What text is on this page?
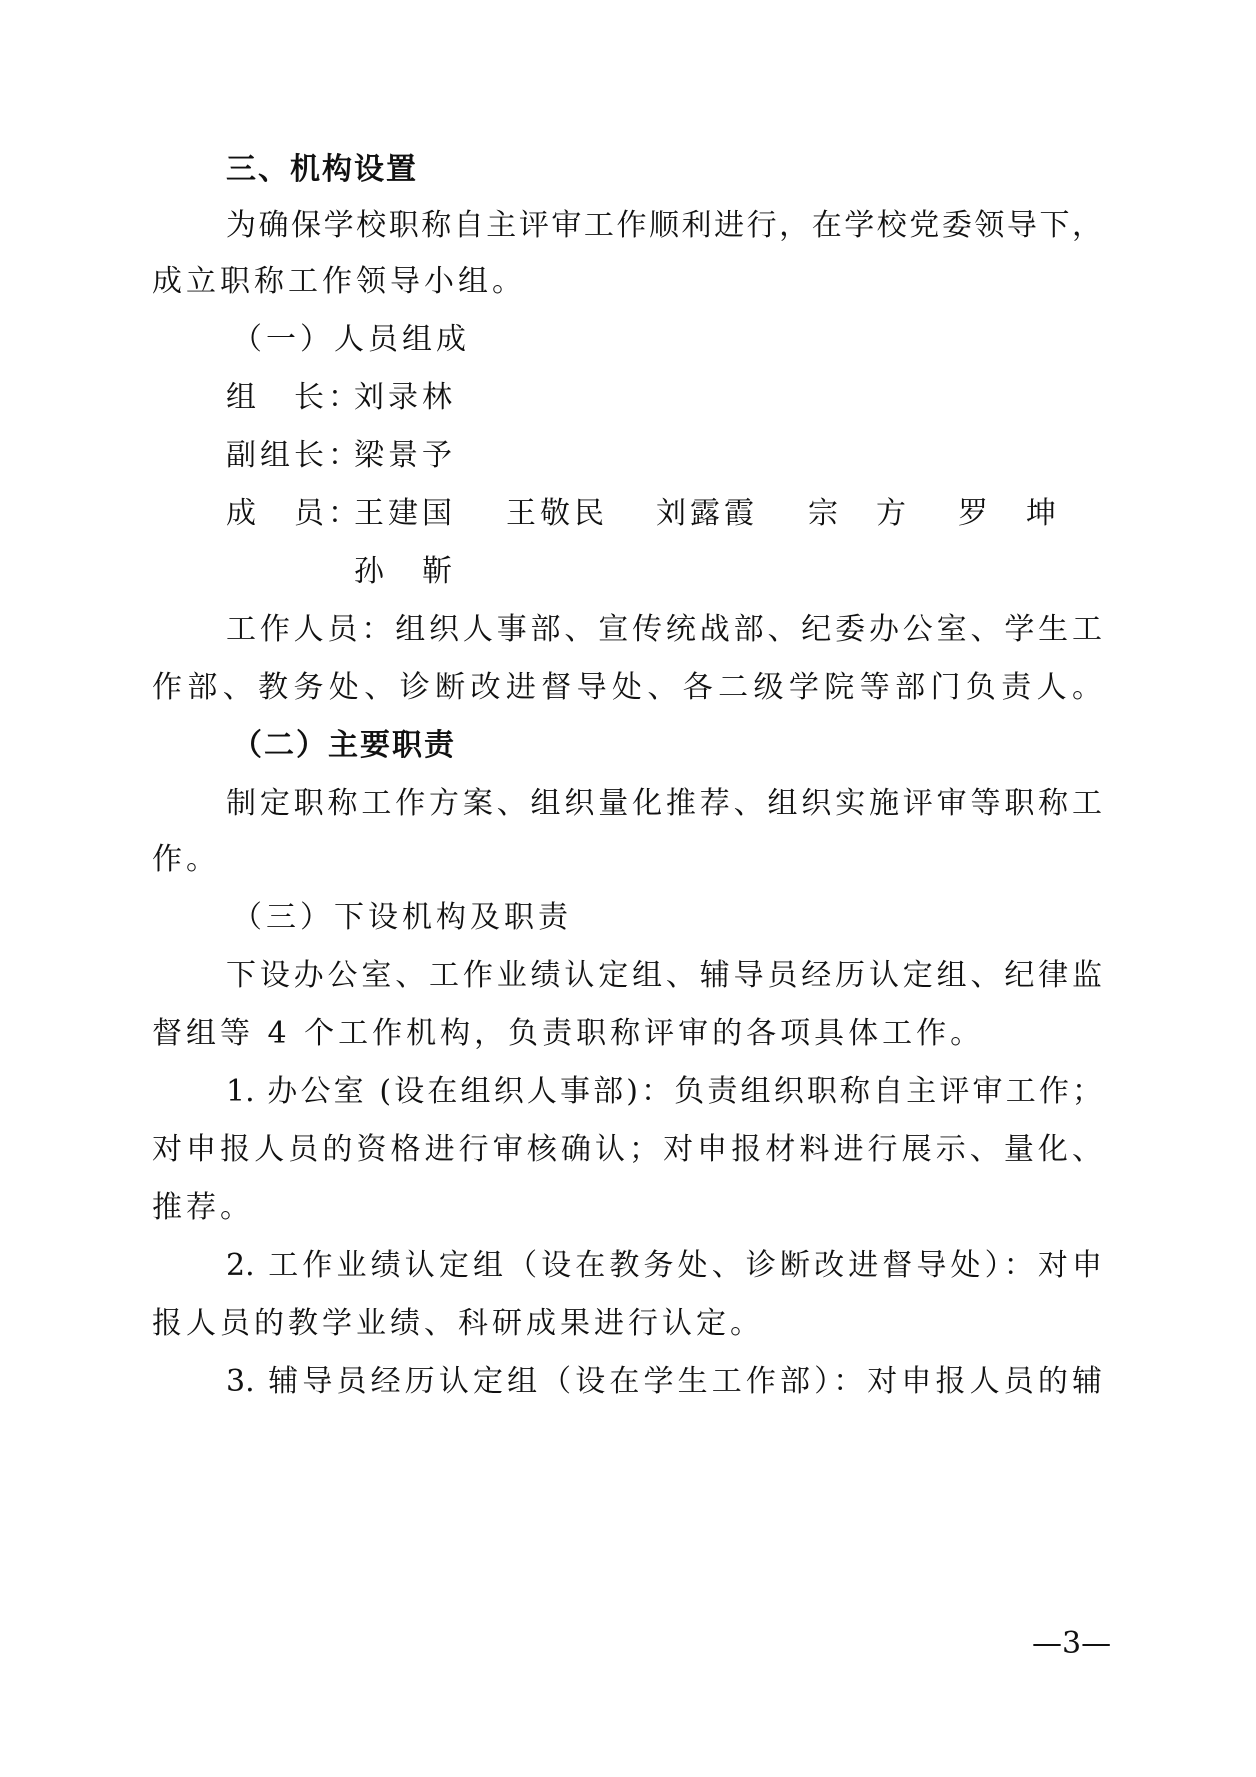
三、机构设置
为确保学校职称自主评审工作顺利进行，在学校党委领导下，
成立职称工作领导小组。
（一）人员组成
组　长：
刘录林
副组长：
梁景予
成　员：
王建国 王敬民 刘露霞 宗　方 罗　坤
孙　靳
工作人员：组织人事部、宣传统战部、纪委办公室、学生工
作部、教务处、诊断改进督导处、各二级学院等部门负责人。
（二）主要职责
制定职称工作方案、组织量化推荐、组织实施评审等职称工
作。
（三）下设机构及职责
下设办公室、工作业绩认定组、辅导员经历认定组、纪律监
督组等 4 个工作机构，负责职称评审的各项具体工作。
1. 办公室 (设在组织人事部)：负责组织职称自主评审工作；
对申报人员的资格进行审核确认；对申报材料进行展示、量化、
推荐。
2. 工作业绩认定组（设在教务处、诊断改进督导处）：对申
报人员的教学业绩、科研成果进行认定。
3. 辅导员经历认定组（设在学生工作部）：对申报人员的辅
—3—
